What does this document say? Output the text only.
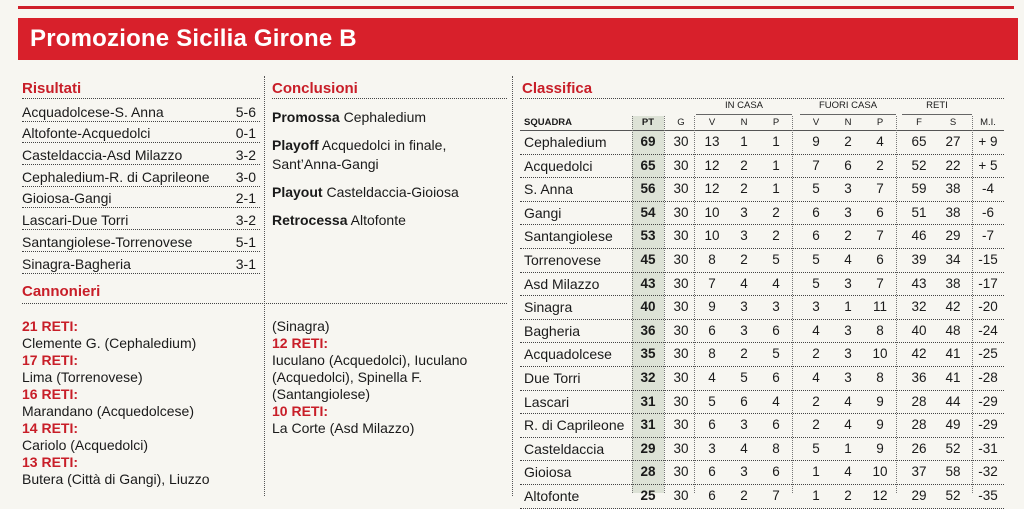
Promozione Sicilia Girone B
Risultati
Acquadolcese-S. Anna	5-6
Altofonte-Acquedolci	0-1
Casteldaccia-Asd Milazzo	3-2
Cephaledium-R. di Caprileone 3-0
Gioiosa-Gangi	2-1
Lascari-Due Torri	3-2
Santangiolese-Torrenovese	5-1
Sinagra-Bagheria	3-1
Conclusioni
Promossa Cephaledium
Playoff Acquedolci in finale, Sant’Anna-Gangi
Playout Casteldaccia-Gioiosa
Retrocessa Altofonte
Cannonieri
21 RETI:
Clemente G. (Cephaledium)
17 RETI:
Lima (Torrenovese)
16 RETI:
Marandano (Acquedolcese)
14 RETI:
Cariolo (Acquedolci)
13 RETI:
Butera (Città di Gangi), Liuzzo
(Sinagra)
12 RETI:
Iuculano (Acquedolci), Iuculano (Acquedolci), Spinella F. (Santangiolese)
10 RETI:
La Corte (Asd Milazzo)
Classifica
IN CASA	FUORI CASA	RETI
SQUADRA	PT	G	V	N	P	V	N	P	F	S	M.I.
Cephaledium	69	30	13	1	1	9	2	4	65	27	+ 9
Acquedolci	65	30	12	2	1	7	6	2	52	22	+ 5
S. Anna	56	30	12	2	1	5	3	7	59	38	-4
Gangi	54	30	10	3	2	6	3	6	51	38	-6
Santangiolese	53	30	10	3	2	6	2	7	46	29	-7
Torrenovese	45	30	8	2	5	5	4	6	39	34	-15
Asd Milazzo	43	30	7	4	4	5	3	7	43	38	-17
Sinagra	40	30	9	3	3	3	1	11	32	42	-20
Bagheria	36	30	6	3	6	4	3	8	40	48	-24
Acquadolcese	35	30	8	2	5	2	3	10	42	41	-25
Due Torri	32	30	4	5	6	4	3	8	36	41	-28
Lascari	31	30	5	6	4	2	4	9	28	44	-29
R. di Caprileone	31	30	6	3	6	2	4	9	28	49	-29
Casteldaccia	29	30	3	4	8	5	1	9	26	52	-31
Gioiosa	28	30	6	3	6	1	4	10	37	58	-32
Altofonte	25	30	6	2	7	1	2	12	29	52	-35
